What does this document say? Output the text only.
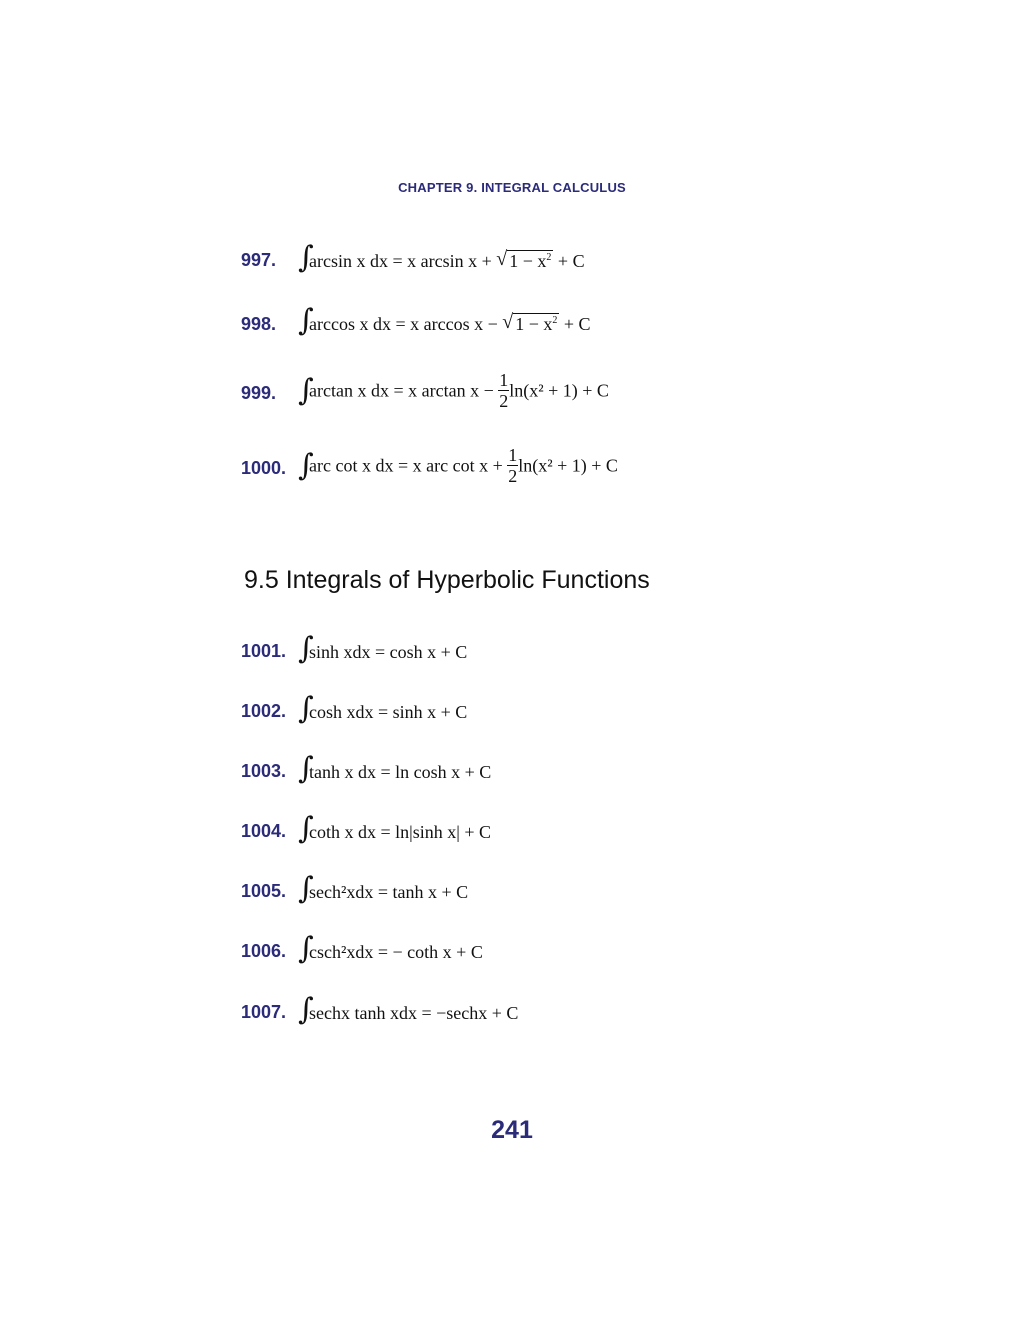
CHAPTER 9. INTEGRAL CALCULUS
997. ∫
arcsin x dx = x arcsin x + √ $1 - x^2 + C$
998. ∫
arccos x dx = x arccos x − √ $1 - x^2 + C$
999. ∫
arctan x dx = x $\arctan x - \frac{1}{2} \ln(x^2 + 1) + C$
1000. ∫
arc cot x dx = x arc $\cot x + \frac{1}{2} \ln(x^2 + 1) + C$
9.5 Integrals of Hyperbolic Functions
1001. ∫
sinh xdx = cosh x + C
1002. ∫
cosh xdx = sinh x + C
1003. ∫
tanh x dx = ln cosh x + C
1004. ∫
coth x dx = ln|sinh x| + C
1005. ∫
sech²xdx = tanh x + C
1006. ∫
csch²xdx = − coth x + C
1007. ∫
sechx tanh xdx = −sechx + C
241
